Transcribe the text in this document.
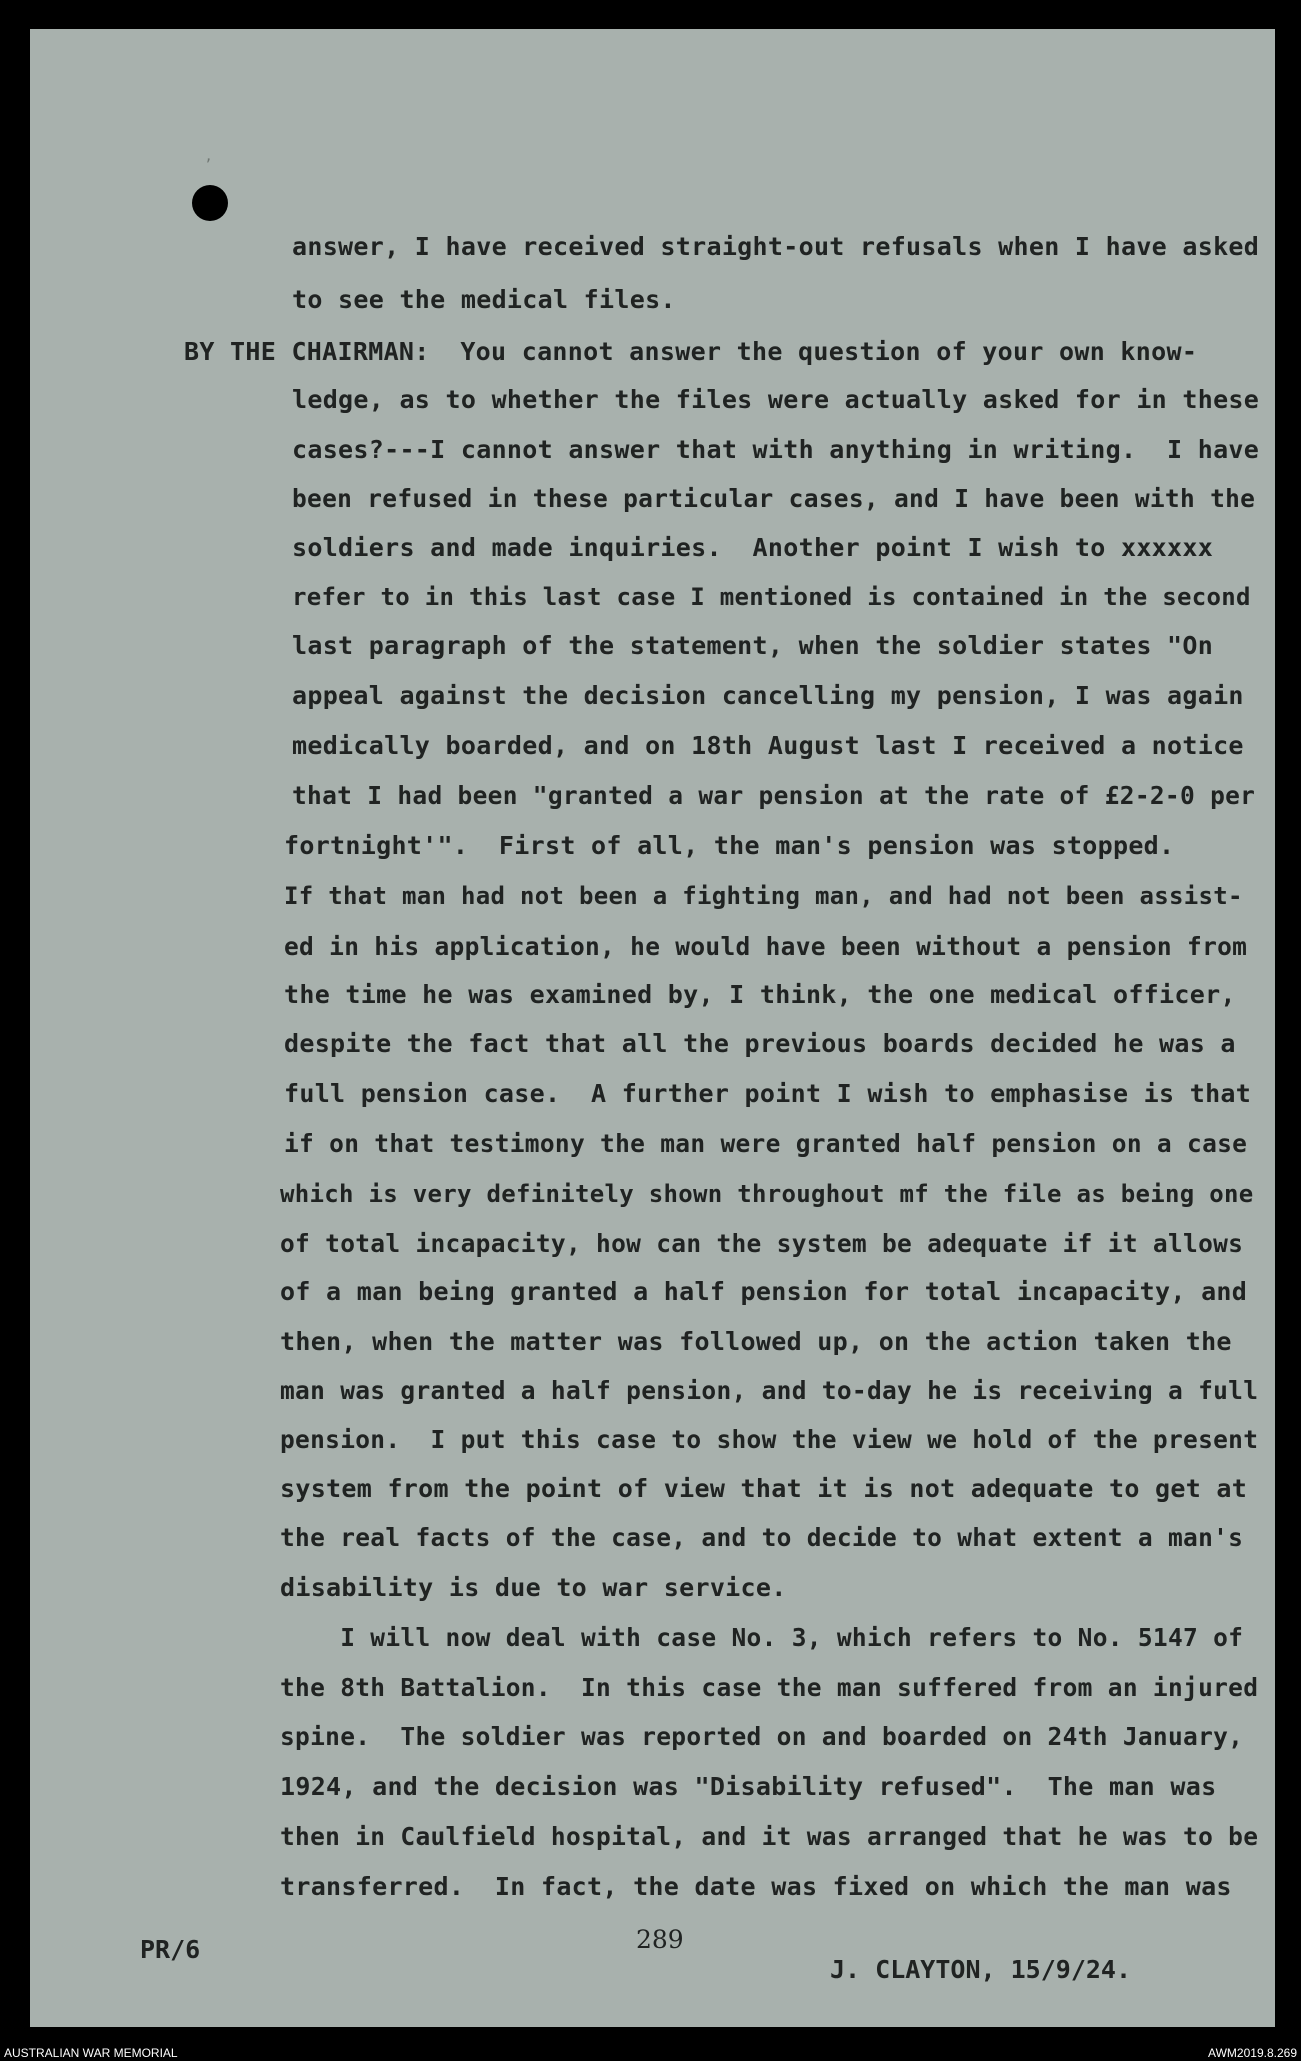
ʼ
answer, I have received straight-out refusals when I have asked
to see the medical files.
BY THE CHAIRMAN:  You cannot answer the question of your own know-
ledge, as to whether the files were actually asked for in these
cases?---I cannot answer that with anything in writing.  I have
been refused in these particular cases, and I have been with the
soldiers and made inquiries.  Another point I wish to xxxxxx
refer to in this last case I mentioned is contained in the second
last paragraph of the statement, when the soldier states "On
appeal against the decision cancelling my pension, I was again
medically boarded, and on 18th August last I received a notice
that I had been "granted a war pension at the rate of £2-2-0 per
fortnight'".  First of all, the man's pension was stopped.
If that man had not been a fighting man, and had not been assist-
ed in his application, he would have been without a pension from
the time he was examined by, I think, the one medical officer,
despite the fact that all the previous boards decided he was a
full pension case.  A further point I wish to emphasise is that
if on that testimony the man were granted half pension on a case
which is very definitely shown throughout mf the file as being one
of total incapacity, how can the system be adequate if it allows
of a man being granted a half pension for total incapacity, and
then, when the matter was followed up, on the action taken the
man was granted a half pension, and to-day he is receiving a full
pension.  I put this case to show the view we hold of the present
system from the point of view that it is not adequate to get at
the real facts of the case, and to decide to what extent a man's
disability is due to war service.
I will now deal with case No. 3, which refers to No. 5147 of
the 8th Battalion.  In this case the man suffered from an injured
spine.  The soldier was reported on and boarded on 24th January,
1924, and the decision was "Disability refused".  The man was
then in Caulfield hospital, and it was arranged that he was to be
transferred.  In fact, the date was fixed on which the man was
PR/6	289
J. CLAYTON, 15/9/24.
AUSTRALIAN WAR MEMORIAL	AWM2019.8.269
